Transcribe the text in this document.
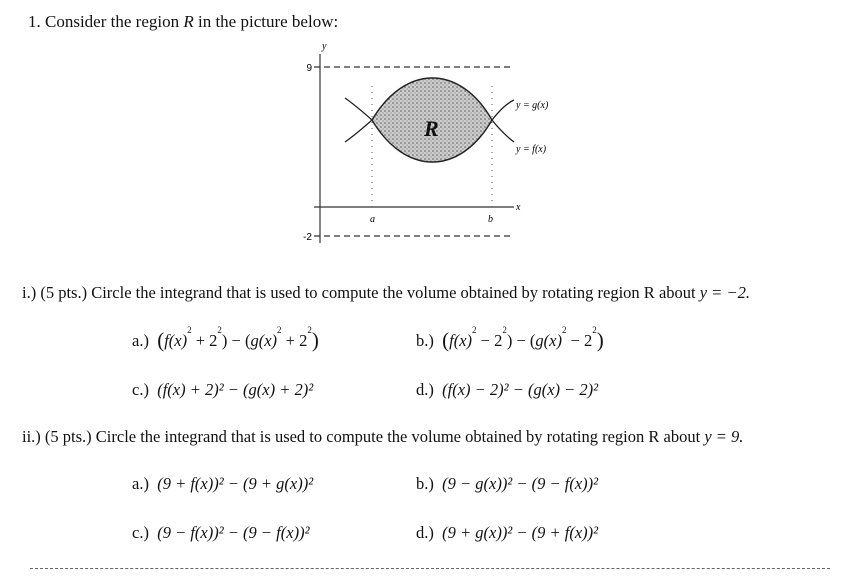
1. Consider the region R in the picture below:
y
9
x
-2
a	b
R
y = g(x)
y = f(x)
i.) (5 pts.) Circle the integrand that is used to compute the volume obtained by rotating region R about y = −2.
a.) $(f(x)^2 + 2^2) - (g(x)^2 + 2^2)$	b.) $(f(x)^2 - 2^2) - (g(x)^2 - 2^2)$
c.) (f(x) + 2)² − (g(x) + 2)²	d.) (f(x) − 2)² − (g(x) − 2)²
ii.) (5 pts.) Circle the integrand that is used to compute the volume obtained by rotating region R about y = 9.
a.) (9 + f(x))² − (9 + g(x))²	b.) (9 − g(x))² − (9 − f(x))²
c.) (9 − f(x))² − (9 − f(x))²	d.) (9 + g(x))² − (9 + f(x))²
